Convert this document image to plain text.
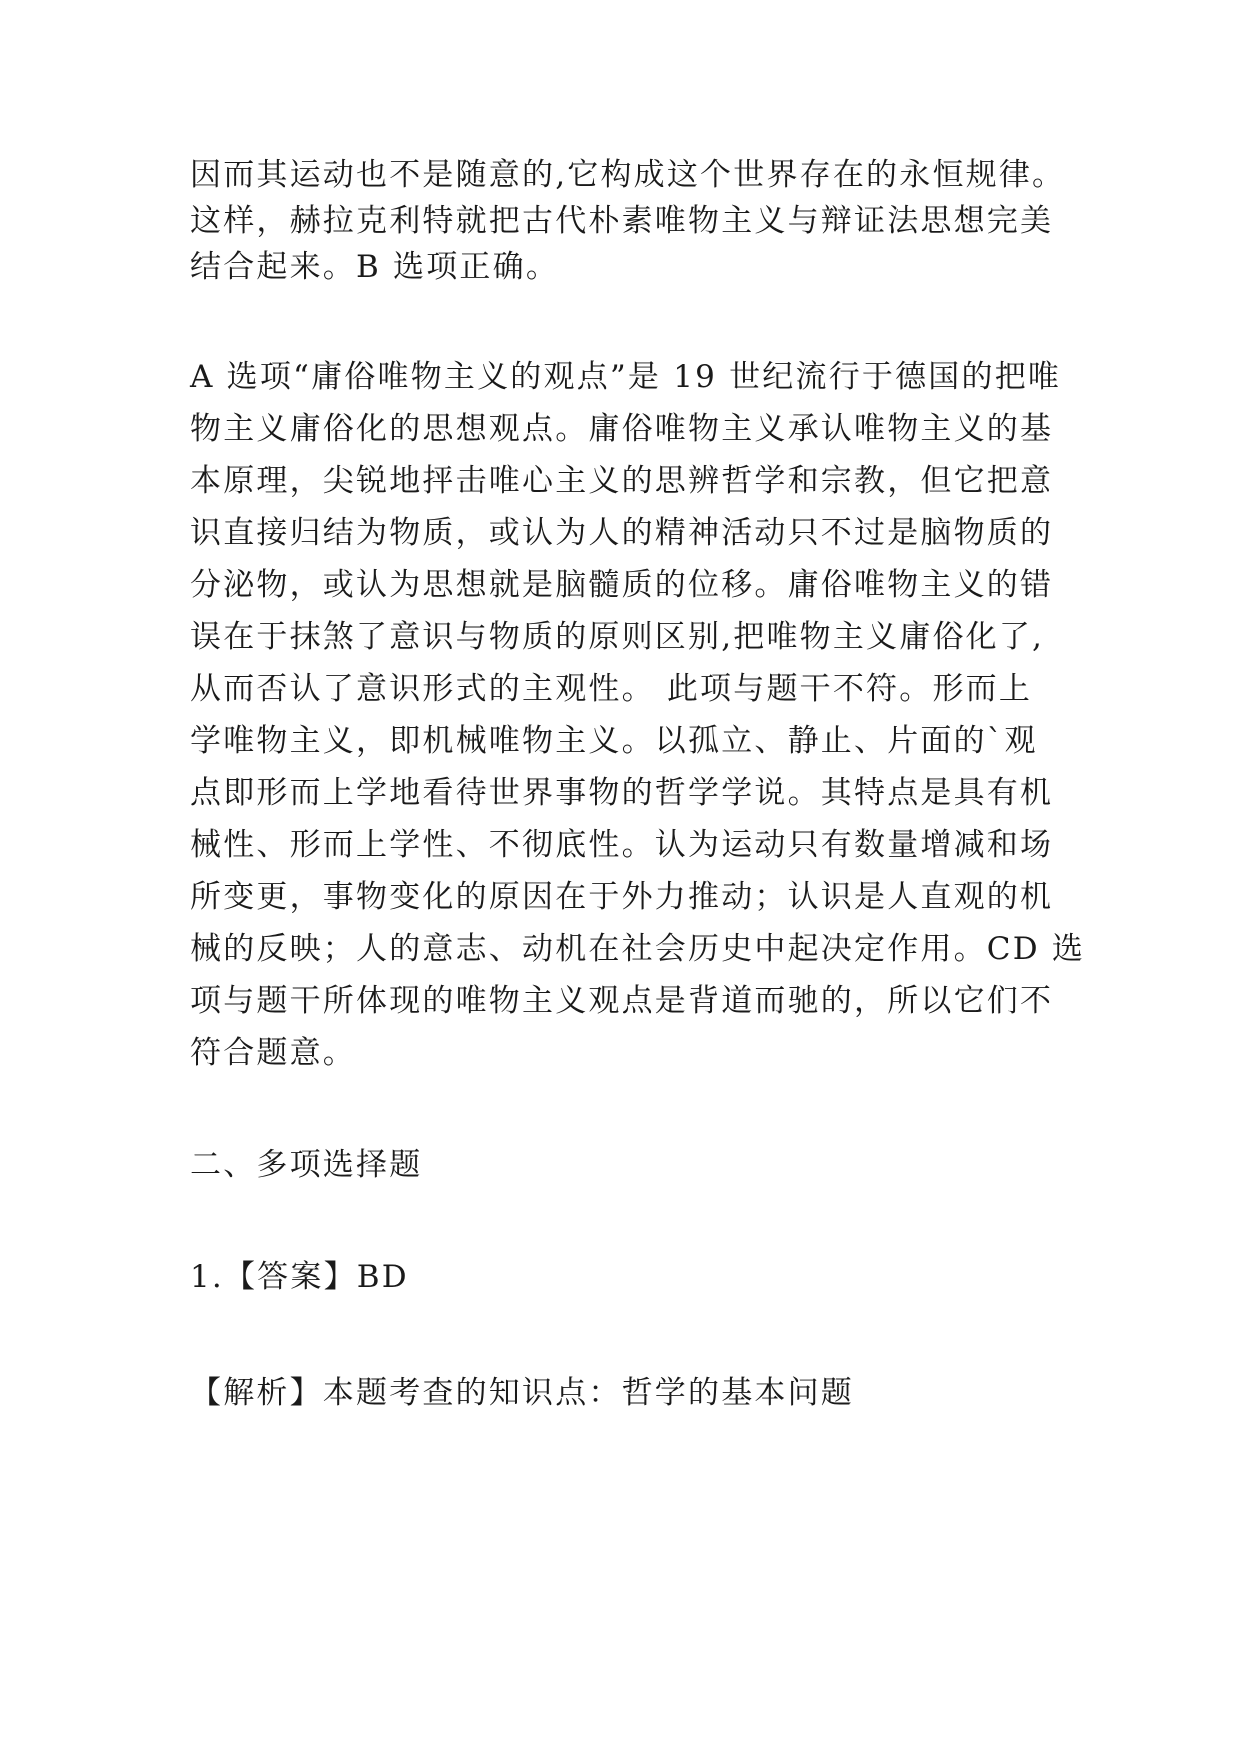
因而其运动也不是随意的,它构成这个世界存在的永恒规律。
这样，赫拉克利特就把古代朴素唯物主义与辩证法思想完美
结合起来。B 选项正确。
A 选项“庸俗唯物主义的观点”是 19 世纪流行于德国的把唯
物主义庸俗化的思想观点。庸俗唯物主义承认唯物主义的基
本原理，尖锐地抨击唯心主义的思辨哲学和宗教，但它把意
识直接归结为物质，或认为人的精神活动只不过是脑物质的
分泌物，或认为思想就是脑髓质的位移。庸俗唯物主义的错
误在于抹煞了意识与物质的原则区别,把唯物主义庸俗化了,
从而否认了意识形式的主观性。 此项与题干不符。形而上
学唯物主义，即机械唯物主义。以孤立、静止、片面的`观
点即形而上学地看待世界事物的哲学学说。其特点是具有机
械性、形而上学性、不彻底性。认为运动只有数量增减和场
所变更，事物变化的原因在于外力推动；认识是人直观的机
械的反映；人的意志、动机在社会历史中起决定作用。CD 选
项与题干所体现的唯物主义观点是背道而驰的，所以它们不
符合题意。
二、多项选择题
1.【答案】BD
【解析】本题考查的知识点：哲学的基本问题
